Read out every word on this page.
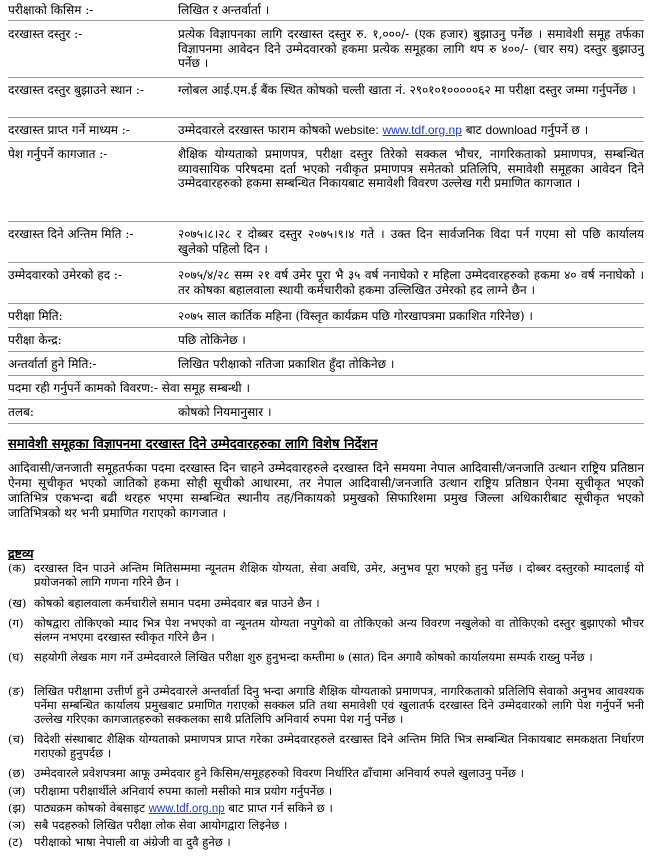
परीक्षाको किसिम :-	लिखित र अन्तर्वार्ता ।
दरखास्त दस्तुर :-	प्रत्येक विज्ञापनका लागि दरखास्त दस्तुर रु. १,०००/- (एक हजार) बुझाउनु पर्नेछ । समावेशी समूह तर्फका विज्ञापनमा आवेदन दिने उम्मेदवारको हकमा प्रत्येक समूहका लागि थप रु ४००/- (चार सय) दस्तुर बुझाउनु पर्नेछ ।
दरखास्त दस्तुर बुझाउने स्थान :-	ग्लोबल आई.एम.ई बैंक स्थित कोषको चल्ती खाता नं. २९०१०१०००००६२ मा परीक्षा दस्तुर जम्मा गर्नुपर्नेछ ।
दरखास्त प्राप्त गर्ने माध्यम :-	उम्मेदवारले दरखास्त फाराम कोषको website: www.tdf.org.np बाट download गर्नुपर्ने छ ।
पेश गर्नुपर्ने कागजात :-	शैक्षिक योग्यताको प्रमाणपत्र, परीक्षा दस्तुर तिरेको सक्कल भौचर, नागरिकताको प्रमाणपत्र, सम्बन्धित व्यावसायिक परिषदमा दर्ता भएको नवीकृत प्रमाणपत्र समेतको प्रतिलिपि, समावेशी समूहका आवेदन दिने उम्मेदवारहरुको हकमा सम्बन्धित निकायबाट समावेशी विवरण उल्लेख गरी प्रमाणित कागजात ।
दरखास्त दिने अन्तिम मिति :-	२०७५।८।२८ र दोब्बर दस्तुर २०७५।९।४ गते । उक्त दिन सार्वजनिक विदा पर्न गएमा सो पछि कार्यालय खुलेको पहिलो दिन ।
उम्मेदवारको उमेरको हद :-	२०७५/४/२८ सम्म २१ वर्ष उमेर पूरा भै ३५ वर्ष ननाघेको र महिला उम्मेदवारहरुको हकमा ४० वर्ष ननाघेको । तर कोषका बहालवाला स्थायी कर्मचारीको हकमा उल्लिखित उमेरको हद लाग्ने छैन ।
परीक्षा मिति:	२०७५ साल कार्तिक महिना (विस्तृत कार्यक्रम पछि गोरखापत्रमा प्रकाशित गरिनेछ) ।
परीक्षा केन्द्र:	पछि तोकिनेछ ।
अन्तर्वार्ता हुने मिति:-	लिखित परीक्षाको नतिजा प्रकाशित हुँदा तोकिनेछ ।
पदमा रही गर्नुपर्ने कामको विवरण:- सेवा समूह सम्बन्धी ।
तलब:	कोषको नियमानुसार ।
समावेशी समूहका विज्ञापनमा दरखास्त दिने उम्मेदवारहरुका लागि विशेष निर्देशन
आदिवासी/जनजाती समूहतर्फका पदमा दरखास्त दिन चाहने उम्मेदवारहरुले दरखास्त दिने समयमा नेपाल आदिवासी/जनजाति उत्थान राष्ट्रिय प्रतिष्ठान ऐनमा सूचीकृत भएको जातिको हकमा सोही सूचीको आधारमा, तर नेपाल आदिवासी/जनजाति उत्थान राष्ट्रिय प्रतिष्ठान ऐनमा सूचीकृत भएको जातिभित्र एकभन्दा बढी थरहरु भएमा सम्बन्धित स्थानीय तह/निकायको प्रमुखको सिफारिशमा प्रमुख जिल्ला अधिकारीबाट सूचीकृत भएको जातिभित्रको थर भनी प्रमाणित गराएको कागजात ।
द्रष्टव्य
(क) दरखास्त दिन पाउने अन्तिम मितिसम्ममा न्यूनतम शैक्षिक योग्यता, सेवा अवधि, उमेर, अनुभव पूरा भएको हुनु पर्नेछ । दोब्बर दस्तुरको म्यादलाई यो प्रयोजनको लागि गणना गरिने छैन ।
(ख) कोषको बहालवाला कर्मचारीले समान पदमा उम्मेदवार बन्न पाउने छैन ।
(ग) कोषद्वारा तोकिएको म्याद भित्र पेश नभएको वा न्यूनतम योग्यता नपुगेको वा तोकिएको अन्य विवरण नखुलेको वा तोकिएको दस्तुर बुझाएको भौचर संलग्न नभएमा दरखास्त स्वीकृत गरिने छैन ।
(घ) सहयोगी लेखक माग गर्ने उम्मेदवारले लिखित परीक्षा शुरु हुनुभन्दा कम्तीमा ७ (सात) दिन अगावै कोषको कार्यालयमा सम्पर्क राख्नु पर्नेछ ।
(ङ) लिखित परीक्षामा उत्तीर्ण हुने उम्मेदवारले अन्तर्वार्ता दिनु भन्दा अगाडि शैक्षिक योग्यताको प्रमाणपत्र, नागरिकताको प्रतिलिपि सेवाको अनुभव आवश्यक पर्नेमा सम्बन्धित कार्यालय प्रमुखबाट प्रमाणित गराएको सक्कल प्रति तथा समावेशी एवं खुलातर्फ दरखास्त दिने उम्मेदवारको लागि पेश गर्नुपर्ने भनी उल्लेख गरिएका कागजातहरुको सक्कलका साथै प्रतिलिपि अनिवार्य रुपमा पेश गर्नु पर्नेछ ।
(च) विदेशी संस्थाबाट शैक्षिक योग्यताको प्रमाणपत्र प्राप्त गरेका उम्मेदवारहरुले दरखास्त दिने अन्तिम मिति भित्र सम्बन्धित निकायबाट समकक्षता निर्धारण गराएको हुनुपर्दछ ।
(छ) उम्मेदवारले प्रवेशपत्रमा आफू उम्मेदवार हुने किसिम/समूहहरुको विवरण निर्धारित ढाँचामा अनिवार्य रुपले खुलाउनु पर्नेछ ।
(ज) परीक्षामा परीक्षार्थीले अनिवार्य रुपमा कालो मसीको मात्र प्रयोग गर्नुपर्नेछ ।
(झ) पाठ्यक्रम कोषको वेबसाइट www.tdf.org.np बाट प्राप्त गर्न सकिने छ ।
(ञ) सबै पदहरुको लिखित परीक्षा लोक सेवा आयोगद्वारा लिइनेछ ।
(ट) परीक्षाको भाषा नेपाली वा अंग्रेजी वा दुवै हुनेछ ।
